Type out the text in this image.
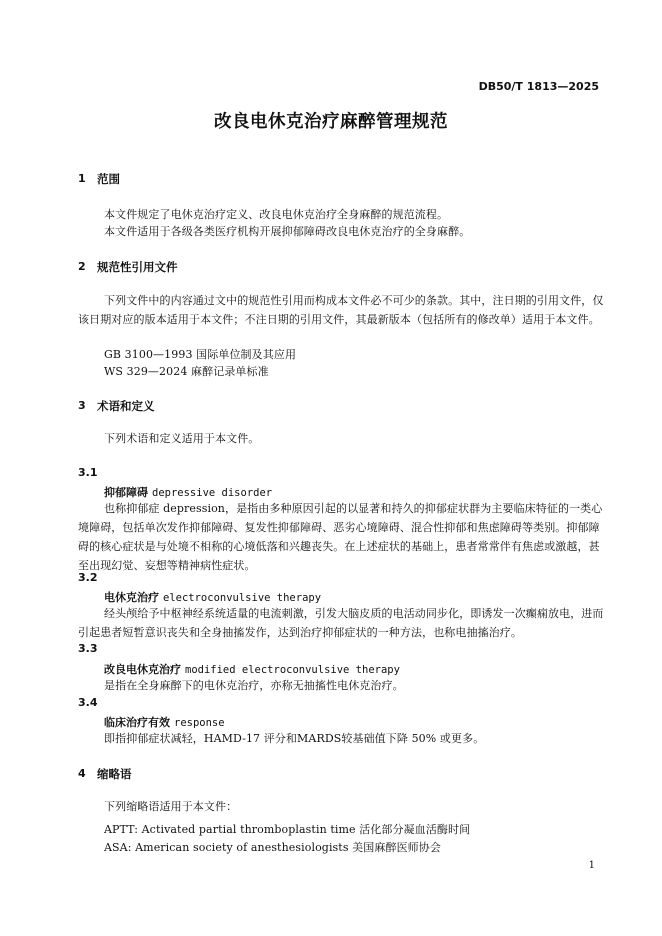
DB50/T 1813—2025
改良电休克治疗麻醉管理规范
1 范围
本文件规定了电休克治疗定义、改良电休克治疗全身麻醉的规范流程。
本文件适用于各级各类医疗机构开展抑郁障碍改良电休克治疗的全身麻醉。
2 规范性引用文件
下列文件中的内容通过文中的规范性引用而构成本文件必不可少的条款。其中，注日期的引用文件，仅该日期对应的版本适用于本文件；不注日期的引用文件，其最新版本（包括所有的修改单）适用于本文件。
GB 3100—1993 国际单位制及其应用
WS 329—2024 麻醉记录单标准
3 术语和定义
下列术语和定义适用于本文件。
3.1
抑郁障碍 depressive disorder
也称抑郁症 depression，是指由多种原因引起的以显著和持久的抑郁症状群为主要临床特征的一类心境障碍，包括单次发作抑郁障碍、复发性抑郁障碍、恶劣心境障碍、混合性抑郁和焦虑障碍等类别。抑郁障碍的核心症状是与处境不相称的心境低落和兴趣丧失。在上述症状的基础上，患者常常伴有焦虑或激越，甚至出现幻觉、妄想等精神病性症状。
3.2
电休克治疗 electroconvulsive therapy
经头颅给予中枢神经系统适量的电流刺激，引发大脑皮质的电活动同步化，即诱发一次癫痫放电，进而引起患者短暂意识丧失和全身抽搐发作，达到治疗抑郁症状的一种方法，也称电抽搐治疗。
3.3
改良电休克治疗 modified electroconvulsive therapy
是指在全身麻醉下的电休克治疗，亦称无抽搐性电休克治疗。
3.4
临床治疗有效 response
即指抑郁症状减轻，HAMD-17 评分和MARDS较基础值下降 50% 或更多。
4 缩略语
下列缩略语适用于本文件：
APTT: Activated partial thromboplastin time 活化部分凝血活酶时间
ASA: American society of anesthesiologists 美国麻醉医师协会
1
